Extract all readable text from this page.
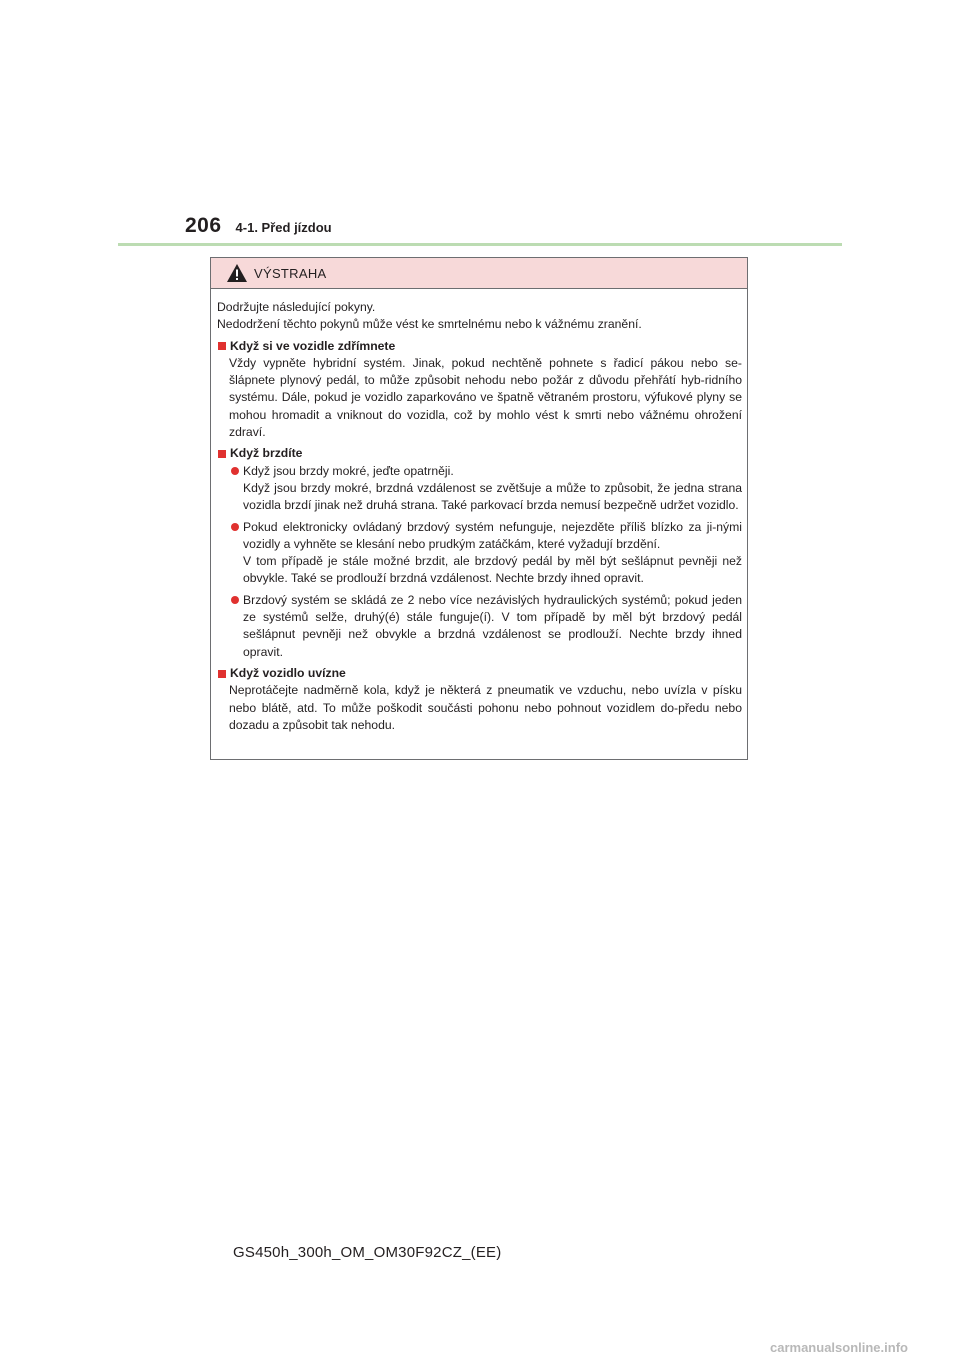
206 4-1. Před jízdou
VÝSTRAHA

Dodržujte následující pokyny.

Nedodržení těchto pokynů může vést ke smrtelnému nebo k vážnému zranění.

Když si ve vozidle zdřímnete

Vždy vypněte hybridní systém. Jinak, pokud nechtěně pohnete s řadicí pákou nebo se-šlápnete plynový pedál, to může způsobit nehodu nebo požár z důvodu přehřátí hyb-ridního systému. Dále, pokud je vozidlo zaparkováno ve špatně větraném prostoru, výfukové plyny se mohou hromadit a vniknout do vozidla, což by mohlo vést k smrti nebo vážnému ohrožení zdraví.

Když brzdíte

Když jsou brzdy mokré, jeďte opatrněji.

Když jsou brzdy mokré, brzdná vzdálenost se zvětšuje a může to způsobit, že jedna strana vozidla brzdí jinak než druhá strana. Také parkovací brzda nemusí bezpečně udržet vozidlo.

Pokud elektronicky ovládaný brzdový systém nefunguje, nejezděte příliš blízko za ji-nými vozidly a vyhněte se klesání nebo prudkým zatáčkám, které vyžadují brzdění.

V tom případě je stále možné brzdit, ale brzdový pedál by měl být sešlápnut pevněji než obvykle. Také se prodlouží brzdná vzdálenost. Nechte brzdy ihned opravit.

Brzdový systém se skládá ze 2 nebo více nezávislých hydraulických systémů; pokud jeden ze systémů selže, druhý(é) stále funguje(í). V tom případě by měl být brzdový pedál sešlápnut pevněji než obvykle a brzdná vzdálenost se prodlouží. Nechte brzdy ihned opravit.

Když vozidlo uvízne

Neprotáčejte nadměrně kola, když je některá z pneumatik ve vzduchu, nebo uvízla v písku nebo blátě, atd. To může poškodit součásti pohonu nebo pohnout vozidlem do-předu nebo dozadu a způsobit tak nehodu.

GS450h_300h_OM_OM30F92CZ_(EE)
carmanualsonline.info
